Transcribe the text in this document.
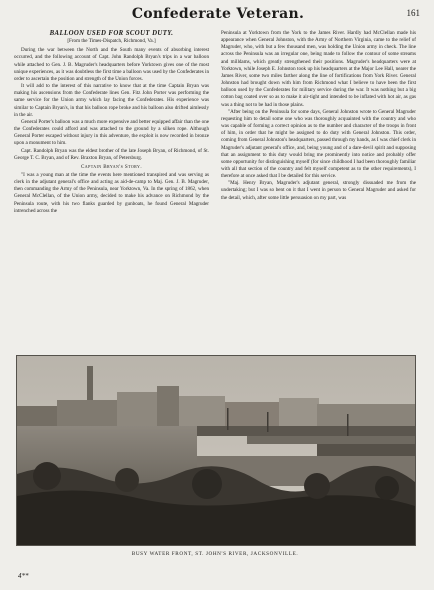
Confederate Veteran.	161

BALLOON USED FOR SCOUT DUTY.

[From the Times-Dispatch, Richmond, Va.]

During the war between the North and the South many events of absorbing interest occurred, and the following account of Capt. John Randolph Bryan's trips in a war balloon while attached to Gen. J. B. Magruder's headquarters before Yorktown gives one of the most unique experiences, as it was doubtless the first time a balloon was used by the Confederates in order to ascertain the position and strength of the Union forces.

It will add to the interest of this narrative to know that at the time Captain Bryan was making his ascensions from the Confederate lines Gen. Fitz John Porter was performing the same service for the Union army which lay facing the Confederates. His experience was similar to Captain Bryan's, in that his balloon rope broke and his balloon also drifted aimlessly in the air.

General Porter's balloon was a much more expensive and better equipped affair than the one the Confederates could afford and was attached to the ground by a silken rope. Although General Porter escaped without injury in this adventure, the exploit is now recorded in bronze upon a monument to him.

Capt. Randolph Bryan was the eldest brother of the late Joseph Bryan, of Richmond, of St. George T. C. Bryan, and of Rev. Braxton Bryan, of Petersburg.

Captain Bryan's Story.

"I was a young man at the time the events here mentioned transpired and was serving as clerk in the adjutant general's office and acting as aid-de-camp to Maj. Gen. J. B. Magruder, then commanding the Army of the Peninsula, near Yorktown, Va. In the spring of 1862, when General McClellan, of the Union army, decided to make his advance on Richmond by the Peninsula route, with his two flanks guarded by gunboats, he found General Magruder intrenched across the

Peninsula at Yorktown from the York to the James River. Hardly had McClellan made his appearance when General Johnston, with the Army of Northern Virginia, came to the relief of Magruder, who, with but a few thousand men, was holding the Union army in check. The line across the Peninsula was an irregular one, being made to follow the contour of some streams and milldams, which greatly strengthened their positions. Magruder's headquarters were at Yorktown, while Joseph E. Johnston took up his headquarters at the Major Lee Hall, nearer the James River, some two miles farther along the line of fortifications from York River. General Johnston had brought down with him from Richmond what I believe to have been the first balloon used by the Confederates for military service during the war. It was nothing but a big cotton bag coated over so as to make it air-tight and intended to be inflated with hot air, as gas was a thing not to be had in those plains.

"After being on the Peninsula for some days, General Johnston wrote to General Magruder requesting him to detail some one who was thoroughly acquainted with the country and who was capable of forming a correct opinion as to the number and character of the troops in front of him, in order that he might be assigned to do duty with General Johnston. This order, coming from General Johnston's headquarters, passed through my hands, as I was chief clerk in Magruder's adjutant general's office, and, being young and of a dare-devil spirit and supposing that an assignment to this duty would bring me prominently into notice and probably offer some opportunity for distinguishing myself (for since childhood I had been thoroughly familiar with all that section of the country and felt myself competent as to the other requirements), I therefore at once asked that I be detailed for this service.

"Maj. Henry Bryan, Magruder's adjutant general, strongly dissuaded me from the undertaking; but I was so bent on it that I went in person to General Magruder and asked for the detail, which, after some little persuasion on my part, was

BUSY WATER FRONT, ST. JOHN'S RIVER, JACKSONVILLE.
4**
